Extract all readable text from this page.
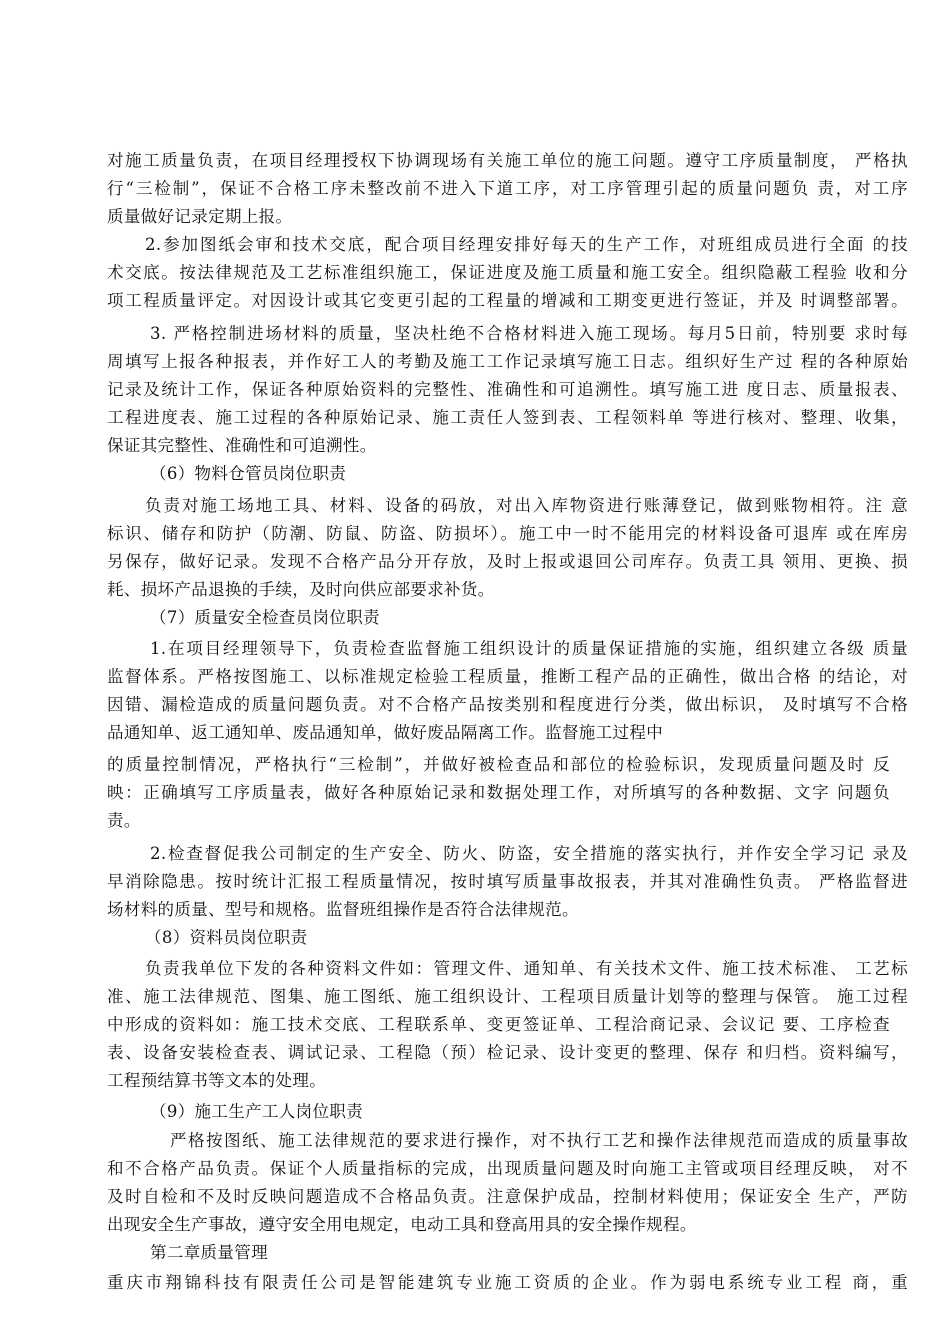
对施工质量负责，在项目经理授权下协调现场有关施工单位的施工问题。遵守工序质量制度， 严格执
行“三检制”，保证不合格工序未整改前不进入下道工序，对工序管理引起的质量问题负 责，对工序
质量做好记录定期上报。
2.参加图纸会审和技术交底，配合项目经理安排好每天的生产工作，对班组成员进行全面 的技
术交底。按法律规范及工艺标准组织施工，保证进度及施工质量和施工安全。组织隐蔽工程验 收和分
项工程质量评定。对因设计或其它变更引起的工程量的增减和工期变更进行签证，并及 时调整部署。
3. 严格控制进场材料的质量，坚决杜绝不合格材料进入施工现场。每月5日前，特别要 求时每
周填写上报各种报表，并作好工人的考勤及施工工作记录填写施工日志。组织好生产过 程的各种原始
记录及统计工作，保证各种原始资料的完整性、准确性和可追溯性。填写施工进 度日志、质量报表、
工程进度表、施工过程的各种原始记录、施工责任人签到表、工程领料单 等进行核对、整理、收集，
保证其完整性、准确性和可追溯性。
（6）物料仓管员岗位职责
负责对施工场地工具、材料、设备的码放，对出入库物资进行账薄登记，做到账物相符。注 意
标识、储存和防护（防潮、防鼠、防盗、防损坏）。施工中一时不能用完的材料设备可退库 或在库房
另保存，做好记录。发现不合格产品分开存放，及时上报或退回公司库存。负责工具 领用、更换、损
耗、损坏产品退换的手续，及时向供应部要求补货。
（7）质量安全检查员岗位职责
1.在项目经理领导下，负责检查监督施工组织设计的质量保证措施的实施，组织建立各级 质量
监督体系。严格按图施工、以标准规定检验工程质量，推断工程产品的正确性，做出合格 的结论，对
因错、漏检造成的质量问题负责。对不合格产品按类别和程度进行分类，做出标识， 及时填写不合格
品通知单、返工通知单、废品通知单，做好废品隔离工作。监督施工过程中
的质量控制情况，严格执行“三检制”，并做好被检查品和部位的检验标识，发现质量问题及时 反
映：正确填写工序质量表，做好各种原始记录和数据处理工作，对所填写的各种数据、文字 问题负
责。
2.检查督促我公司制定的生产安全、防火、防盗，安全措施的落实执行，并作安全学习记 录及
早消除隐患。按时统计汇报工程质量情况，按时填写质量事故报表，并其对准确性负责。 严格监督进
场材料的质量、型号和规格。监督班组操作是否符合法律规范。
（8）资料员岗位职责
负责我单位下发的各种资料文件如：管理文件、通知单、有关技术文件、施工技术标准、 工艺标
准、施工法律规范、图集、施工图纸、施工组织设计、工程项目质量计划等的整理与保管。 施工过程
中形成的资料如：施工技术交底、工程联系单、变更签证单、工程洽商记录、会议记 要、工序检查
表、设备安装检查表、调试记录、工程隐（预）检记录、设计变更的整理、保存 和归档。资料编写，
工程预结算书等文本的处理。
（9）施工生产工人岗位职责
严格按图纸、施工法律规范的要求进行操作，对不执行工艺和操作法律规范而造成的质量事故
和不合格产品负责。保证个人质量指标的完成，出现质量问题及时向施工主管或项目经理反映， 对不
及时自检和不及时反映问题造成不合格品负责。注意保护成品，控制材料使用；保证安全 生产，严防
出现安全生产事故，遵守安全用电规定，电动工具和登高用具的安全操作规程。
第二章质量管理
重庆市翔锦科技有限责任公司是智能建筑专业施工资质的企业。作为弱电系统专业工程 商，重
